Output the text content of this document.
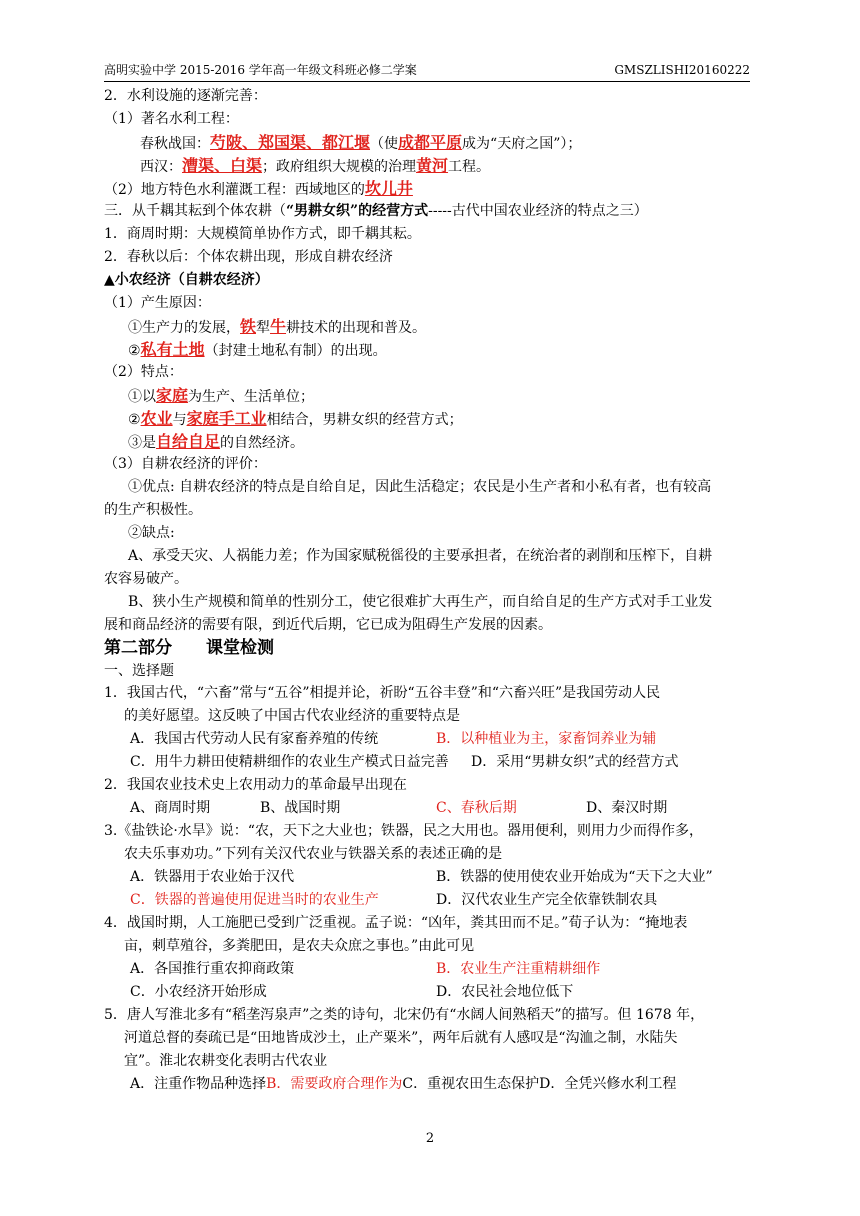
高明实验中学 2015-2016 学年高一年级文科班必修二学案	GMSZLISHI20160222
2．水利设施的逐渐完善：
（1）著名水利工程：
春秋战国：芍陂、郑国渠、都江堰（使成都平原成为“天府之国”）；
西汉：漕渠、白渠；政府组织大规模的治理黄河工程。
（2）地方特色水利灌溉工程：西域地区的坎儿井
三．从千耦其耘到个体农耕（“男耕女织”的经营方式-----古代中国农业经济的特点之三）
1．商周时期：大规模简单协作方式，即千耦其耘。
2．春秋以后：个体农耕出现，形成自耕农经济
▲小农经济（自耕农经济）
（1）产生原因：
①生产力的发展，铁犁牛耕技术的出现和普及。
②私有土地（封建土地私有制）的出现。
（2）特点：
①以家庭为生产、生活单位；
②农业与家庭手工业相结合，男耕女织的经营方式；
③是自给自足的自然经济。
（3）自耕农经济的评价：
①优点: 自耕农经济的特点是自给自足，因此生活稳定；农民是小生产者和小私有者，也有较高
的生产积极性。
②缺点:
A、承受天灾、人祸能力差；作为国家赋税徭役的主要承担者，在统治者的剥削和压榨下，自耕
农容易破产。
B、狭小生产规模和简单的性别分工，使它很难扩大再生产，而自给自足的生产方式对手工业发
展和商品经济的需要有限，到近代后期，它已成为阻碍生产发展的因素。
第二部分　　课堂检测
一、选择题
1．我国古代，“六畜”常与“五谷”相提并论，祈盼“五谷丰登”和“六畜兴旺”是我国劳动人民
的美好愿望。这反映了中国古代农业经济的重要特点是
A．我国古代劳动人民有家畜养殖的传统	B．以种植业为主，家畜饲养业为辅
C．用牛力耕田使精耕细作的农业生产模式日益完善 D．采用“男耕女织”式的经营方式
2．我国农业技术史上农用动力的革命最早出现在
A、商周时期	B、战国时期	C、春秋后期	D、秦汉时期
3.《盐铁论·水旱》说：“农，天下之大业也；铁器，民之大用也。器用便利，则用力少而得作多，
农夫乐事劝功。”下列有关汉代农业与铁器关系的表述正确的是
A．铁器用于农业始于汉代	B．铁器的使用使农业开始成为“天下之大业”
C．铁器的普遍使用促进当时的农业生产	D．汉代农业生产完全依靠铁制农具
4．战国时期，人工施肥已受到广泛重视。孟子说：“凶年，粪其田而不足。”荀子认为：“掩地表
亩，刺草殖谷，多粪肥田，是农夫众庶之事也。”由此可见
A．各国推行重农抑商政策	B．农业生产注重精耕细作
C．小农经济开始形成	D．农民社会地位低下
5．唐人写淮北多有“稻垄泻泉声”之类的诗句，北宋仍有“水阔人间熟稻天”的描写。但 1678 年，
河道总督的奏疏已是“田地皆成沙土，止产粟米”，两年后就有人感叹是“沟洫之制，水陆失
宜”。淮北农耕变化表明古代农业
A．注重作物品种选择B．需要政府合理作为C．重视农田生态保护D．全凭兴修水利工程
2
